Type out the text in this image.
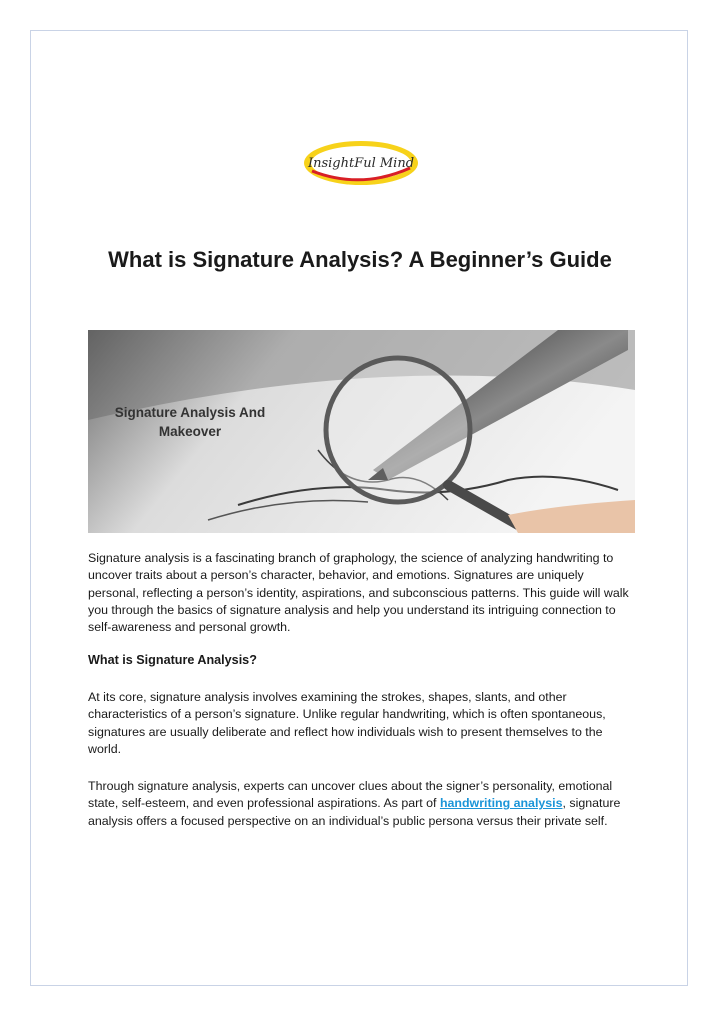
InsightFul Mind
What is Signature Analysis? A Beginner’s Guide
Signature Analysis And
Makeover

Signature analysis is a fascinating branch of graphology, the science of analyzing handwriting to uncover traits about a person’s character, behavior, and emotions. Signatures are uniquely personal, reflecting a person’s identity, aspirations, and subconscious patterns. This guide will walk you through the basics of signature analysis and help you understand its intriguing connection to self-awareness and personal growth.

What is Signature Analysis?

At its core, signature analysis involves examining the strokes, shapes, slants, and other characteristics of a person’s signature. Unlike regular handwriting, which is often spontaneous, signatures are usually deliberate and reflect how individuals wish to present themselves to the world.

Through signature analysis, experts can uncover clues about the signer’s personality, emotional state, self-esteem, and even professional aspirations. As part of handwriting analysis, signature analysis offers a focused perspective on an individual’s public persona versus their private self.
